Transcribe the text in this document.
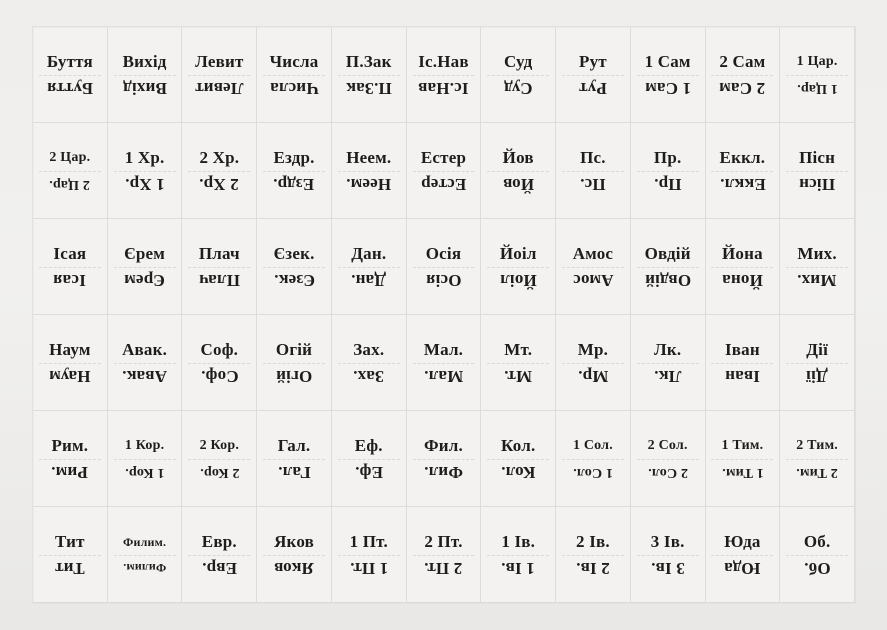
Буття
Буття
Вихід
Вихід
Левит
Левит
Числа
Числа
П.Зак
П.Зак
Іс.Нав
Іс.Нав
Суд
Суд
Рут
Рут
1 Сам
1 Сам
2 Сам
2 Сам
1 Цар.
1 Цар.
2 Цар.
2 Цар.
1 Хр.
1 Хр.
2 Хр.
2 Хр.
Ездр.
Ездр.
Неем.
Неем.
Естер
Естер
Йов
Йов
Пс.
Пс.
Пр.
Пр.
Еккл.
Еккл.
Пісн
Пісн
Ісая
Ісая
Єрем
Єрем
Плач
Плач
Єзек.
Єзек.
Дан.
Дан.
Осія
Осія
Йоіл
Йоіл
Амос
Амос
Овдій
Овдій
Йона
Йона
Мих.
Мих.
Наум
Наум
Авак.
Авак.
Соф.
Соф.
Огій
Огій
Зах.
Зах.
Мал.
Мал.
Мт.
Мт.
Мр.
Мр.
Лк.
Лк.
Іван
Іван
Дії
Дії
Рим.
Рим.
1 Кор.
1 Кор.
2 Кор.
2 Кор.
Гал.
Гал.
Еф.
Еф.
Фил.
Фил.
Кол.
Кол.
1 Сол.
1 Сол.
2 Сол.
2 Сол.
1 Тим.
1 Тим.
2 Тим.
2 Тим.
Тит
Тит
Филим.
Филим.
Евр.
Евр.
Яков
Яков
1 Пт.
1 Пт.
2 Пт.
2 Пт.
1 Ів.
1 Ів.
2 Ів.
2 Ів.
3 Ів.
3 Ів.
Юда
Юда
Об.
Об.
